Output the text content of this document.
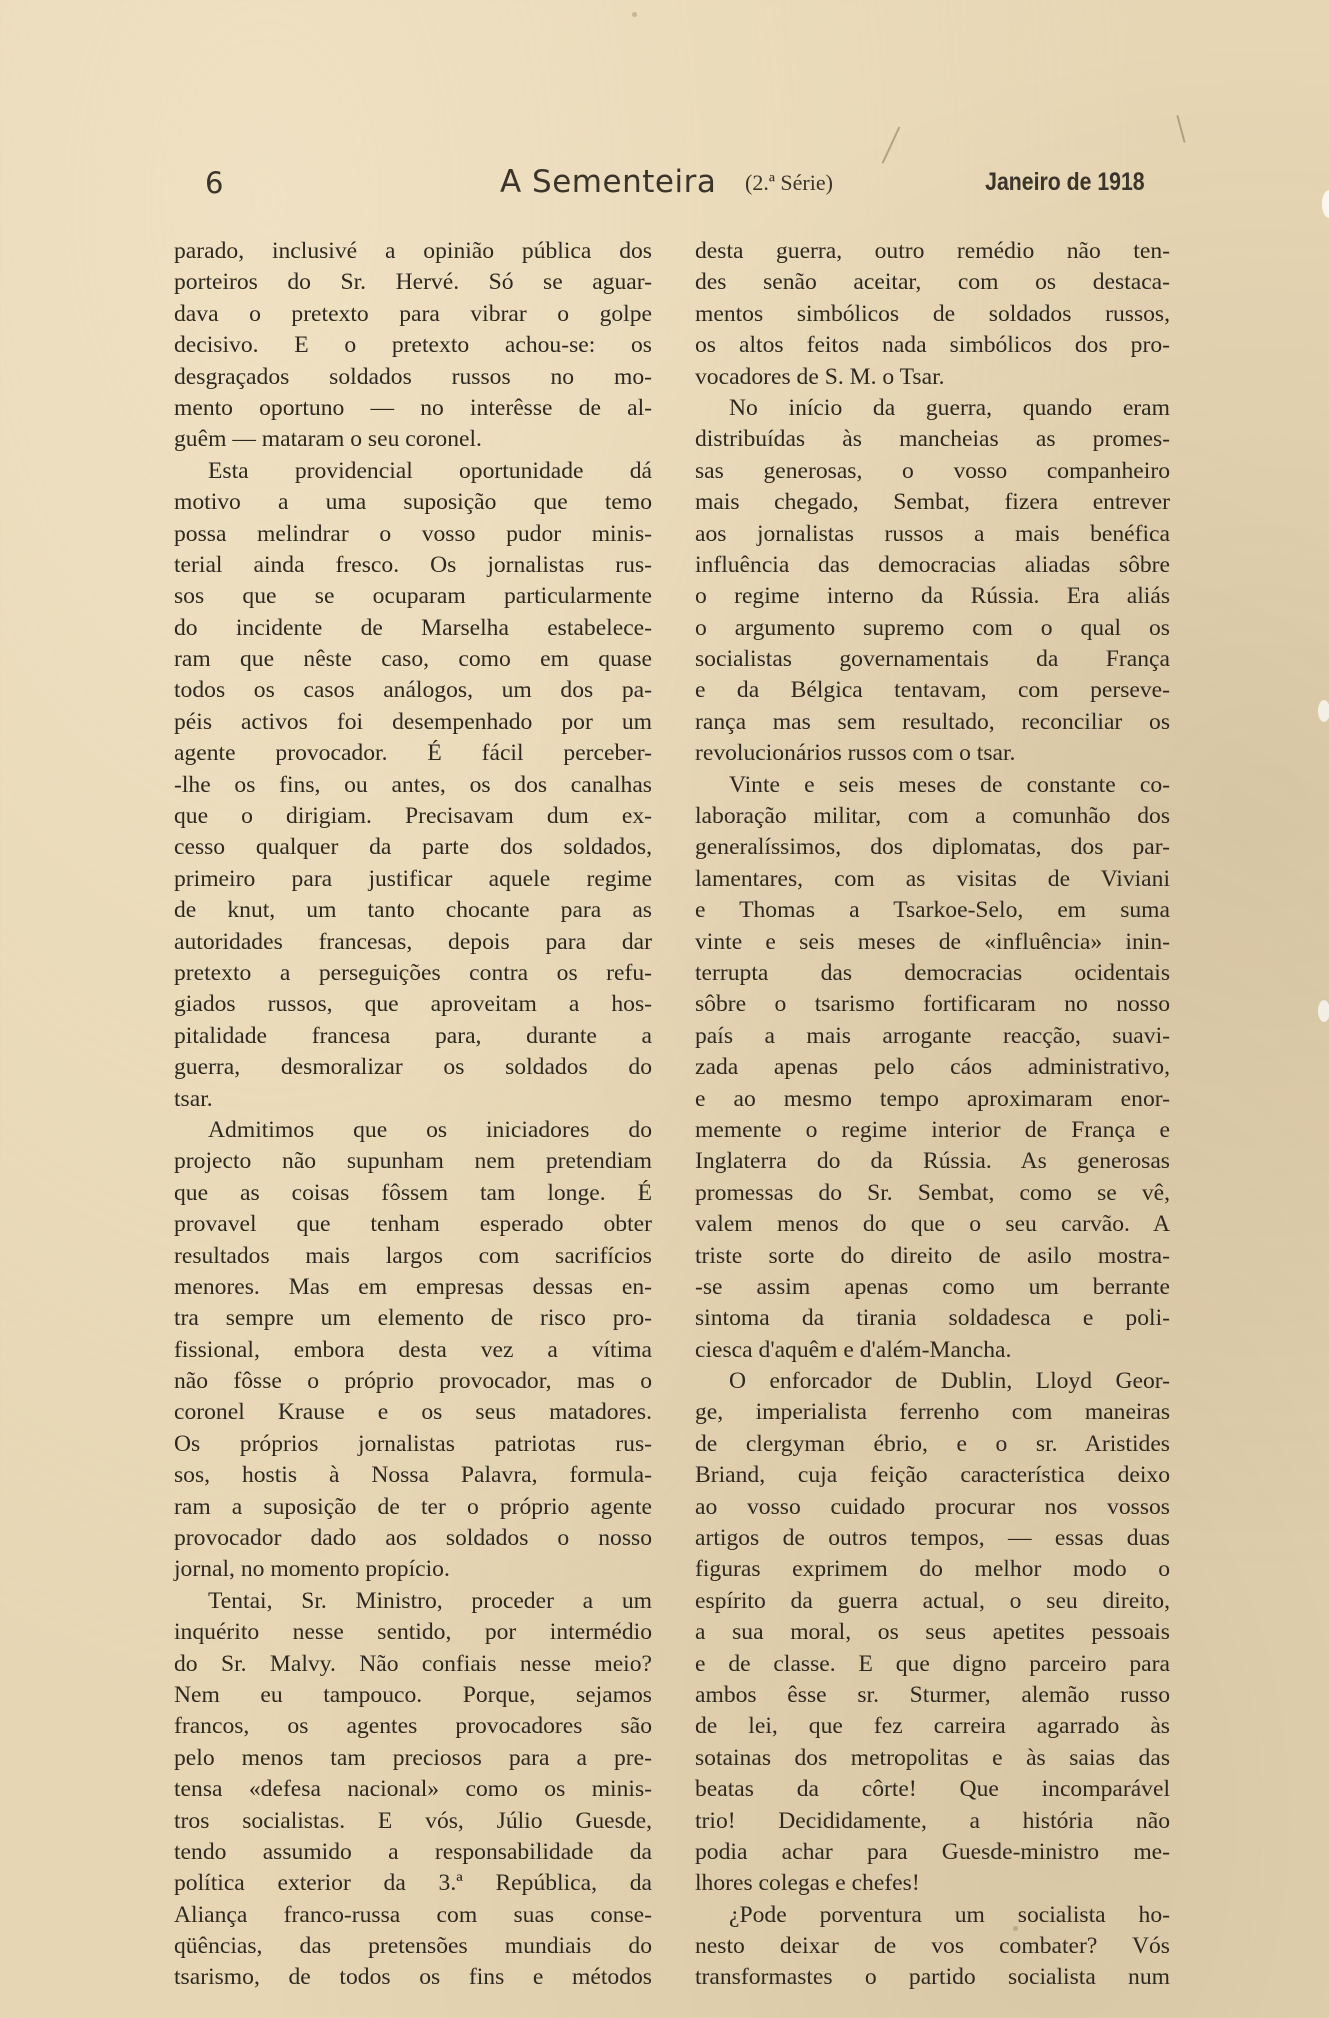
6	A Sementeira (2.ª Série)	Janeiro de 1918
parado, inclusivé a opinião pública dos
porteiros do Sr. Hervé. Só se aguar-
dava o pretexto para vibrar o golpe
decisivo. E o pretexto achou-se: os
desgraçados soldados russos no mo-
mento oportuno — no interêsse de al-
guêm — mataram o seu coronel.
Esta providencial oportunidade dá
motivo a uma suposição que temo
possa melindrar o vosso pudor minis-
terial ainda fresco. Os jornalistas rus-
sos que se ocuparam particularmente
do incidente de Marselha estabelece-
ram que nêste caso, como em quase
todos os casos análogos, um dos pa-
péis activos foi desempenhado por um
agente provocador. É fácil perceber-
-lhe os fins, ou antes, os dos canalhas
que o dirigiam. Precisavam dum ex-
cesso qualquer da parte dos soldados,
primeiro para justificar aquele regime
de knut, um tanto chocante para as
autoridades francesas, depois para dar
pretexto a perseguições contra os refu-
giados russos, que aproveitam a hos-
pitalidade francesa para, durante a
guerra, desmoralizar os soldados do
tsar.
Admitimos que os iniciadores do
projecto não supunham nem pretendiam
que as coisas fôssem tam longe. É
provavel que tenham esperado obter
resultados mais largos com sacrifícios
menores. Mas em empresas dessas en-
tra sempre um elemento de risco pro-
fissional, embora desta vez a vítima
não fôsse o próprio provocador, mas o
coronel Krause e os seus matadores.
Os próprios jornalistas patriotas rus-
sos, hostis à Nossa Palavra, formula-
ram a suposição de ter o próprio agente
provocador dado aos soldados o nosso
jornal, no momento propício.
Tentai, Sr. Ministro, proceder a um
inquérito nesse sentido, por intermédio
do Sr. Malvy. Não confiais nesse meio?
Nem eu tampouco. Porque, sejamos
francos, os agentes provocadores são
pelo menos tam preciosos para a pre-
tensa «defesa nacional» como os minis-
tros socialistas. E vós, Júlio Guesde,
tendo assumido a responsabilidade da
política exterior da 3.ª República, da
Aliança franco-russa com suas conse-
qüências, das pretensões mundiais do
tsarismo, de todos os fins e métodos
desta guerra, outro remédio não ten-
des senão aceitar, com os destaca-
mentos simbólicos de soldados russos,
os altos feitos nada simbólicos dos pro-
vocadores de S. M. o Tsar.
No início da guerra, quando eram
distribuídas às mancheias as promes-
sas generosas, o vosso companheiro
mais chegado, Sembat, fizera entrever
aos jornalistas russos a mais benéfica
influência das democracias aliadas sôbre
o regime interno da Rússia. Era aliás
o argumento supremo com o qual os
socialistas governamentais da França
e da Bélgica tentavam, com perseve-
rança mas sem resultado, reconciliar os
revolucionários russos com o tsar.
Vinte e seis meses de constante co-
laboração militar, com a comunhão dos
generalíssimos, dos diplomatas, dos par-
lamentares, com as visitas de Viviani
e Thomas a Tsarkoe-Selo, em suma
vinte e seis meses de «influência» inin-
terrupta das democracias ocidentais
sôbre o tsarismo fortificaram no nosso
país a mais arrogante reacção, suavi-
zada apenas pelo cáos administrativo,
e ao mesmo tempo aproximaram enor-
memente o regime interior de França e
Inglaterra do da Rússia. As generosas
promessas do Sr. Sembat, como se vê,
valem menos do que o seu carvão. A
triste sorte do direito de asilo mostra-
-se assim apenas como um berrante
sintoma da tirania soldadesca e poli-
ciesca d'aquêm e d'além-Mancha.
O enforcador de Dublin, Lloyd Geor-
ge, imperialista ferrenho com maneiras
de clergyman ébrio, e o sr. Aristides
Briand, cuja feição característica deixo
ao vosso cuidado procurar nos vossos
artigos de outros tempos, — essas duas
figuras exprimem do melhor modo o
espírito da guerra actual, o seu direito,
a sua moral, os seus apetites pessoais
e de classe. E que digno parceiro para
ambos êsse sr. Sturmer, alemão russo
de lei, que fez carreira agarrado às
sotainas dos metropolitas e às saias das
beatas da côrte! Que incomparável
trio! Decididamente, a história não
podia achar para Guesde-ministro me-
lhores colegas e chefes!
¿Pode porventura um socialista ho-
nesto deixar de vos combater? Vós
transformastes o partido socialista num
